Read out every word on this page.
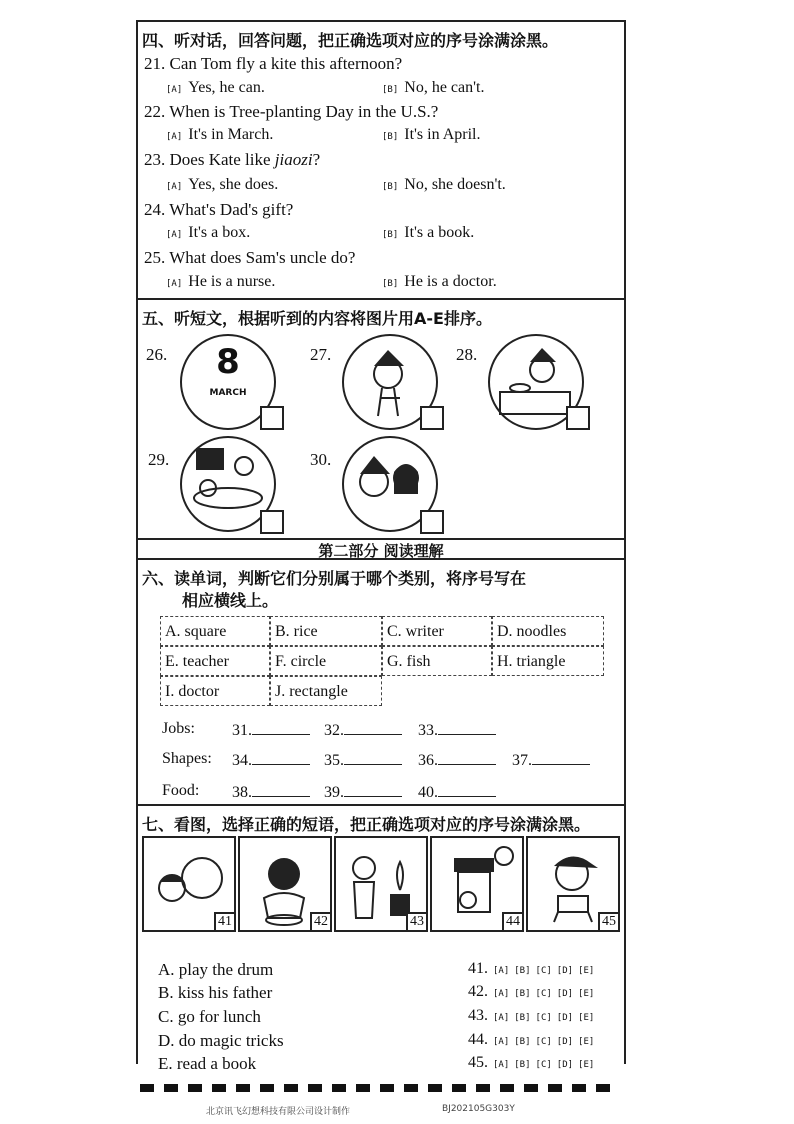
四、听对话，回答问题，把正确选项对应的序号涂满涂黑。
21. Can Tom fly a kite this afternoon?
[A] Yes, he can.	[B] No, he can't.
22. When is Tree-planting Day in the U.S.?
[A] It's in March.	[B] It's in April.
23. Does Kate like jiaozi?
[A] Yes, she does.	[B] No, she doesn't.
24. What's Dad's gift?
[A] It's a box.	[B] It's a book.
25. What does Sam's uncle do?
[A] He is a nurse.	[B] He is a doctor.
五、听短文，根据听到的内容将图片用A-E排序。
26.	8
MARCH
27.	28.
29.	30.
第二部分 阅读理解
六、读单词，判断它们分别属于哪个类别，将序号写在
相应横线上。
A. square	B. rice	C. writer	D. noodles
E. teacher	F. circle	G. fish	H. triangle
I. doctor	J. rectangle
Jobs: 31.	32.	33.
Shapes: 34.	35.	36.	37.
Food: 38.	39.	40.
七、看图，选择正确的短语，把正确选项对应的序号涂满涂黑。
41	42	43	44	45
A. play the drum
B. kiss his father
C. go for lunch
D. do magic tricks
E. read a book
41. [A] [B] [C] [D] [E]
42. [A] [B] [C] [D] [E]
43. [A] [B] [C] [D] [E]
44. [A] [B] [C] [D] [E]
45. [A] [B] [C] [D] [E]
北京讯飞幻想科技有限公司设计制作	BJ202105G303Y
